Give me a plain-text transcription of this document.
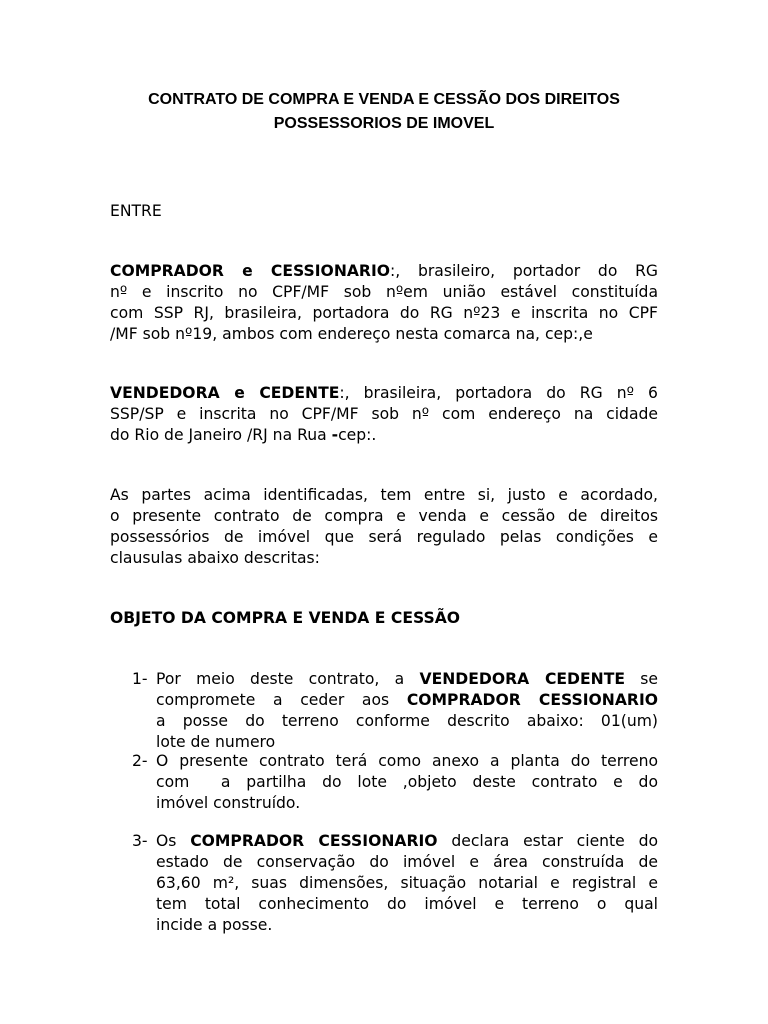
CONTRATO DE COMPRA E VENDA E CESSÃO DOS DIREITOS
POSSESSORIOS DE IMOVEL
ENTRE
COMPRADOR e CESSIONARIO:, brasileiro, portador do RG
nº e inscrito no CPF/MF sob nºem união estável constituída
com SSP RJ, brasileira, portadora do RG nº23 e inscrita no CPF
/MF sob nº19, ambos com endereço nesta comarca na, cep:,e
VENDEDORA e CEDENTE:, brasileira, portadora do RG nº 6
SSP/SP e inscrita no CPF/MF sob nº com endereço na cidade
do Rio de Janeiro /RJ na Rua -cep:.
As partes acima identificadas, tem entre si, justo e acordado,
o presente contrato de compra e venda e cessão de direitos
possessórios de imóvel que será regulado pelas condições e
clausulas abaixo descritas:
OBJETO DA COMPRA E VENDA E CESSÃO
1- Por meio deste contrato, a VENDEDORA CEDENTE se
compromete a ceder aos COMPRADOR CESSIONARIO
a posse do terreno conforme descrito abaixo: 01(um)
lote de numero
2- O presente contrato terá como anexo a planta do terreno
com  a partilha do lote ,objeto deste contrato e do
imóvel construído.
3- Os COMPRADOR CESSIONARIO declara estar ciente do
estado de conservação do imóvel e área construída de
63,60 m², suas dimensões, situação notarial e registral e
tem total conhecimento do imóvel e terreno o qual
incide a posse.
